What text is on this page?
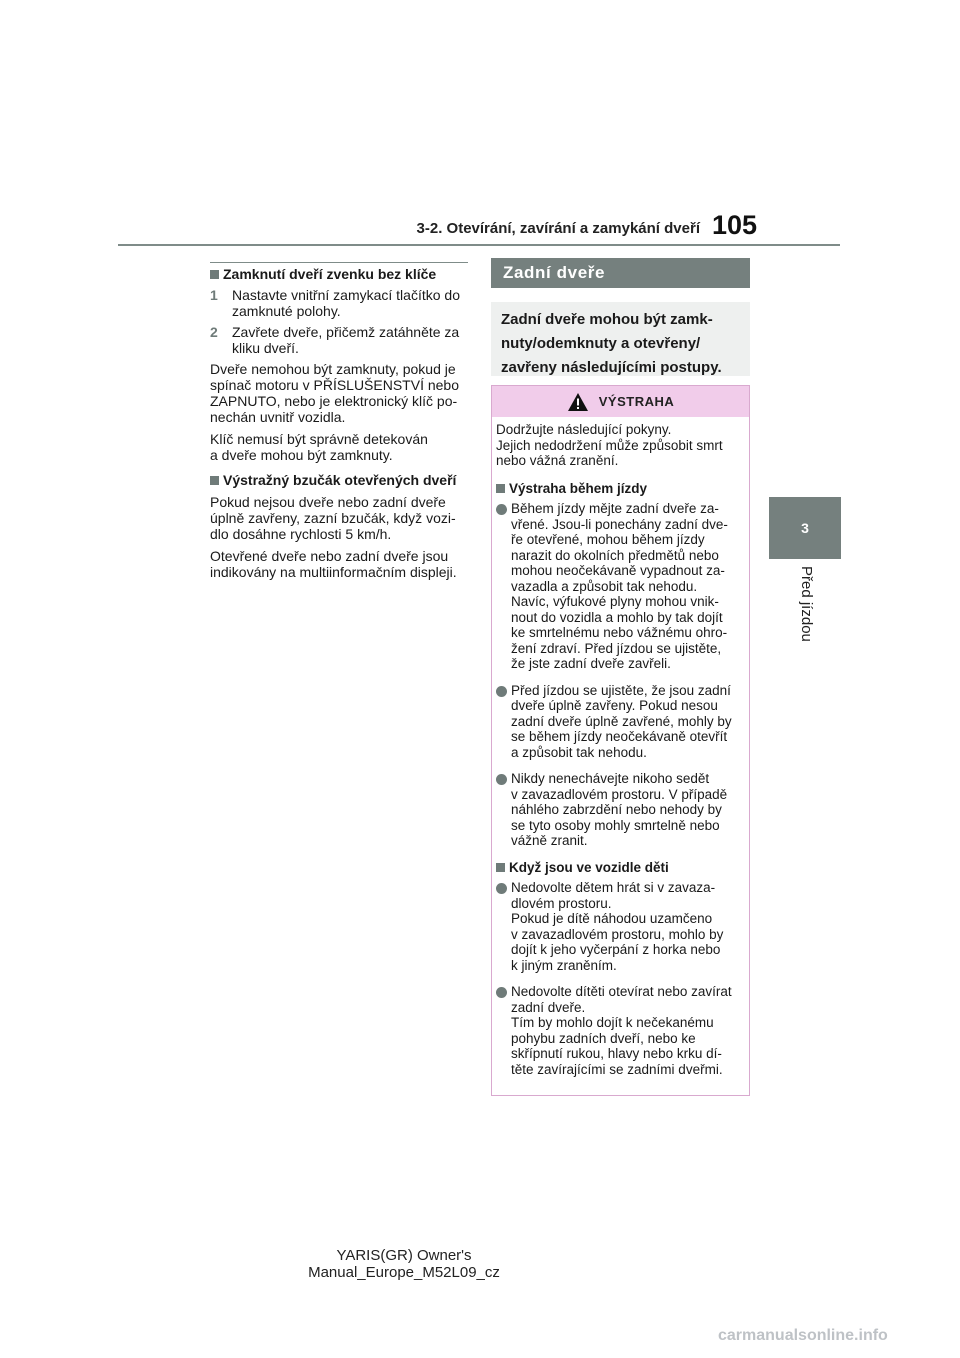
3-2. Otevírání, zavírání a zamykání dveří 105
3
Před jízdou
Zamknutí dveří zvenku bez klíče
1	Nastavte vnitřní zamykací tlačítko do
zamknuté polohy.
2	Zavřete dveře, přičemž zatáhněte za
kliku dveří.
Dveře nemohou být zamknuty, pokud je
spínač motoru v PŘÍSLUŠENSTVÍ nebo
ZAPNUTO, nebo je elektronický klíč po-
nechán uvnitř vozidla.
Klíč nemusí být správně detekován
a dveře mohou být zamknuty.
Výstražný bzučák otevřených dveří
Pokud nejsou dveře nebo zadní dveře
úplně zavřeny, zazní bzučák, když vozi-
dlo dosáhne rychlosti 5 km/h.
Otevřené dveře nebo zadní dveře jsou
indikovány na multiinformačním displeji.
Zadní dveře
Zadní dveře mohou být zamk-
nuty/odemknuty a otevřeny/
zavřeny následujícími postupy.
VÝSTRAHA
Dodržujte následující pokyny.
Jejich nedodržení může způsobit smrt
nebo vážná zranění.
Výstraha během jízdy
Během jízdy mějte zadní dveře za-
vřené. Jsou-li ponechány zadní dve-
ře otevřené, mohou během jízdy
narazit do okolních předmětů nebo
mohou neočekávaně vypadnout za-
vazadla a způsobit tak nehodu.
Navíc, výfukové plyny mohou vnik-
nout do vozidla a mohlo by tak dojít
ke smrtelnému nebo vážnému ohro-
žení zdraví. Před jízdou se ujistěte,
že jste zadní dveře zavřeli.
Před jízdou se ujistěte, že jsou zadní
dveře úplně zavřeny. Pokud nesou
zadní dveře úplně zavřené, mohly by
se během jízdy neočekávaně otevřít
a způsobit tak nehodu.
Nikdy nenechávejte nikoho sedět
v zavazadlovém prostoru. V případě
náhlého zabrzdění nebo nehody by
se tyto osoby mohly smrtelně nebo
vážně zranit.
Když jsou ve vozidle děti
Nedovolte dětem hrát si v zavaza-
dlovém prostoru.
Pokud je dítě náhodou uzamčeno
v zavazadlovém prostoru, mohlo by
dojít k jeho vyčerpání z horka nebo
k jiným zraněním.
Nedovolte dítěti otevírat nebo zavírat
zadní dveře.
Tím by mohlo dojít k nečekanému
pohybu zadních dveří, nebo ke
skřípnutí rukou, hlavy nebo krku dí-
těte zavírajícími se zadními dveřmi.
YARIS(GR) Owner's Manual_Europe_M52L09_cz
carmanualsonline.info
